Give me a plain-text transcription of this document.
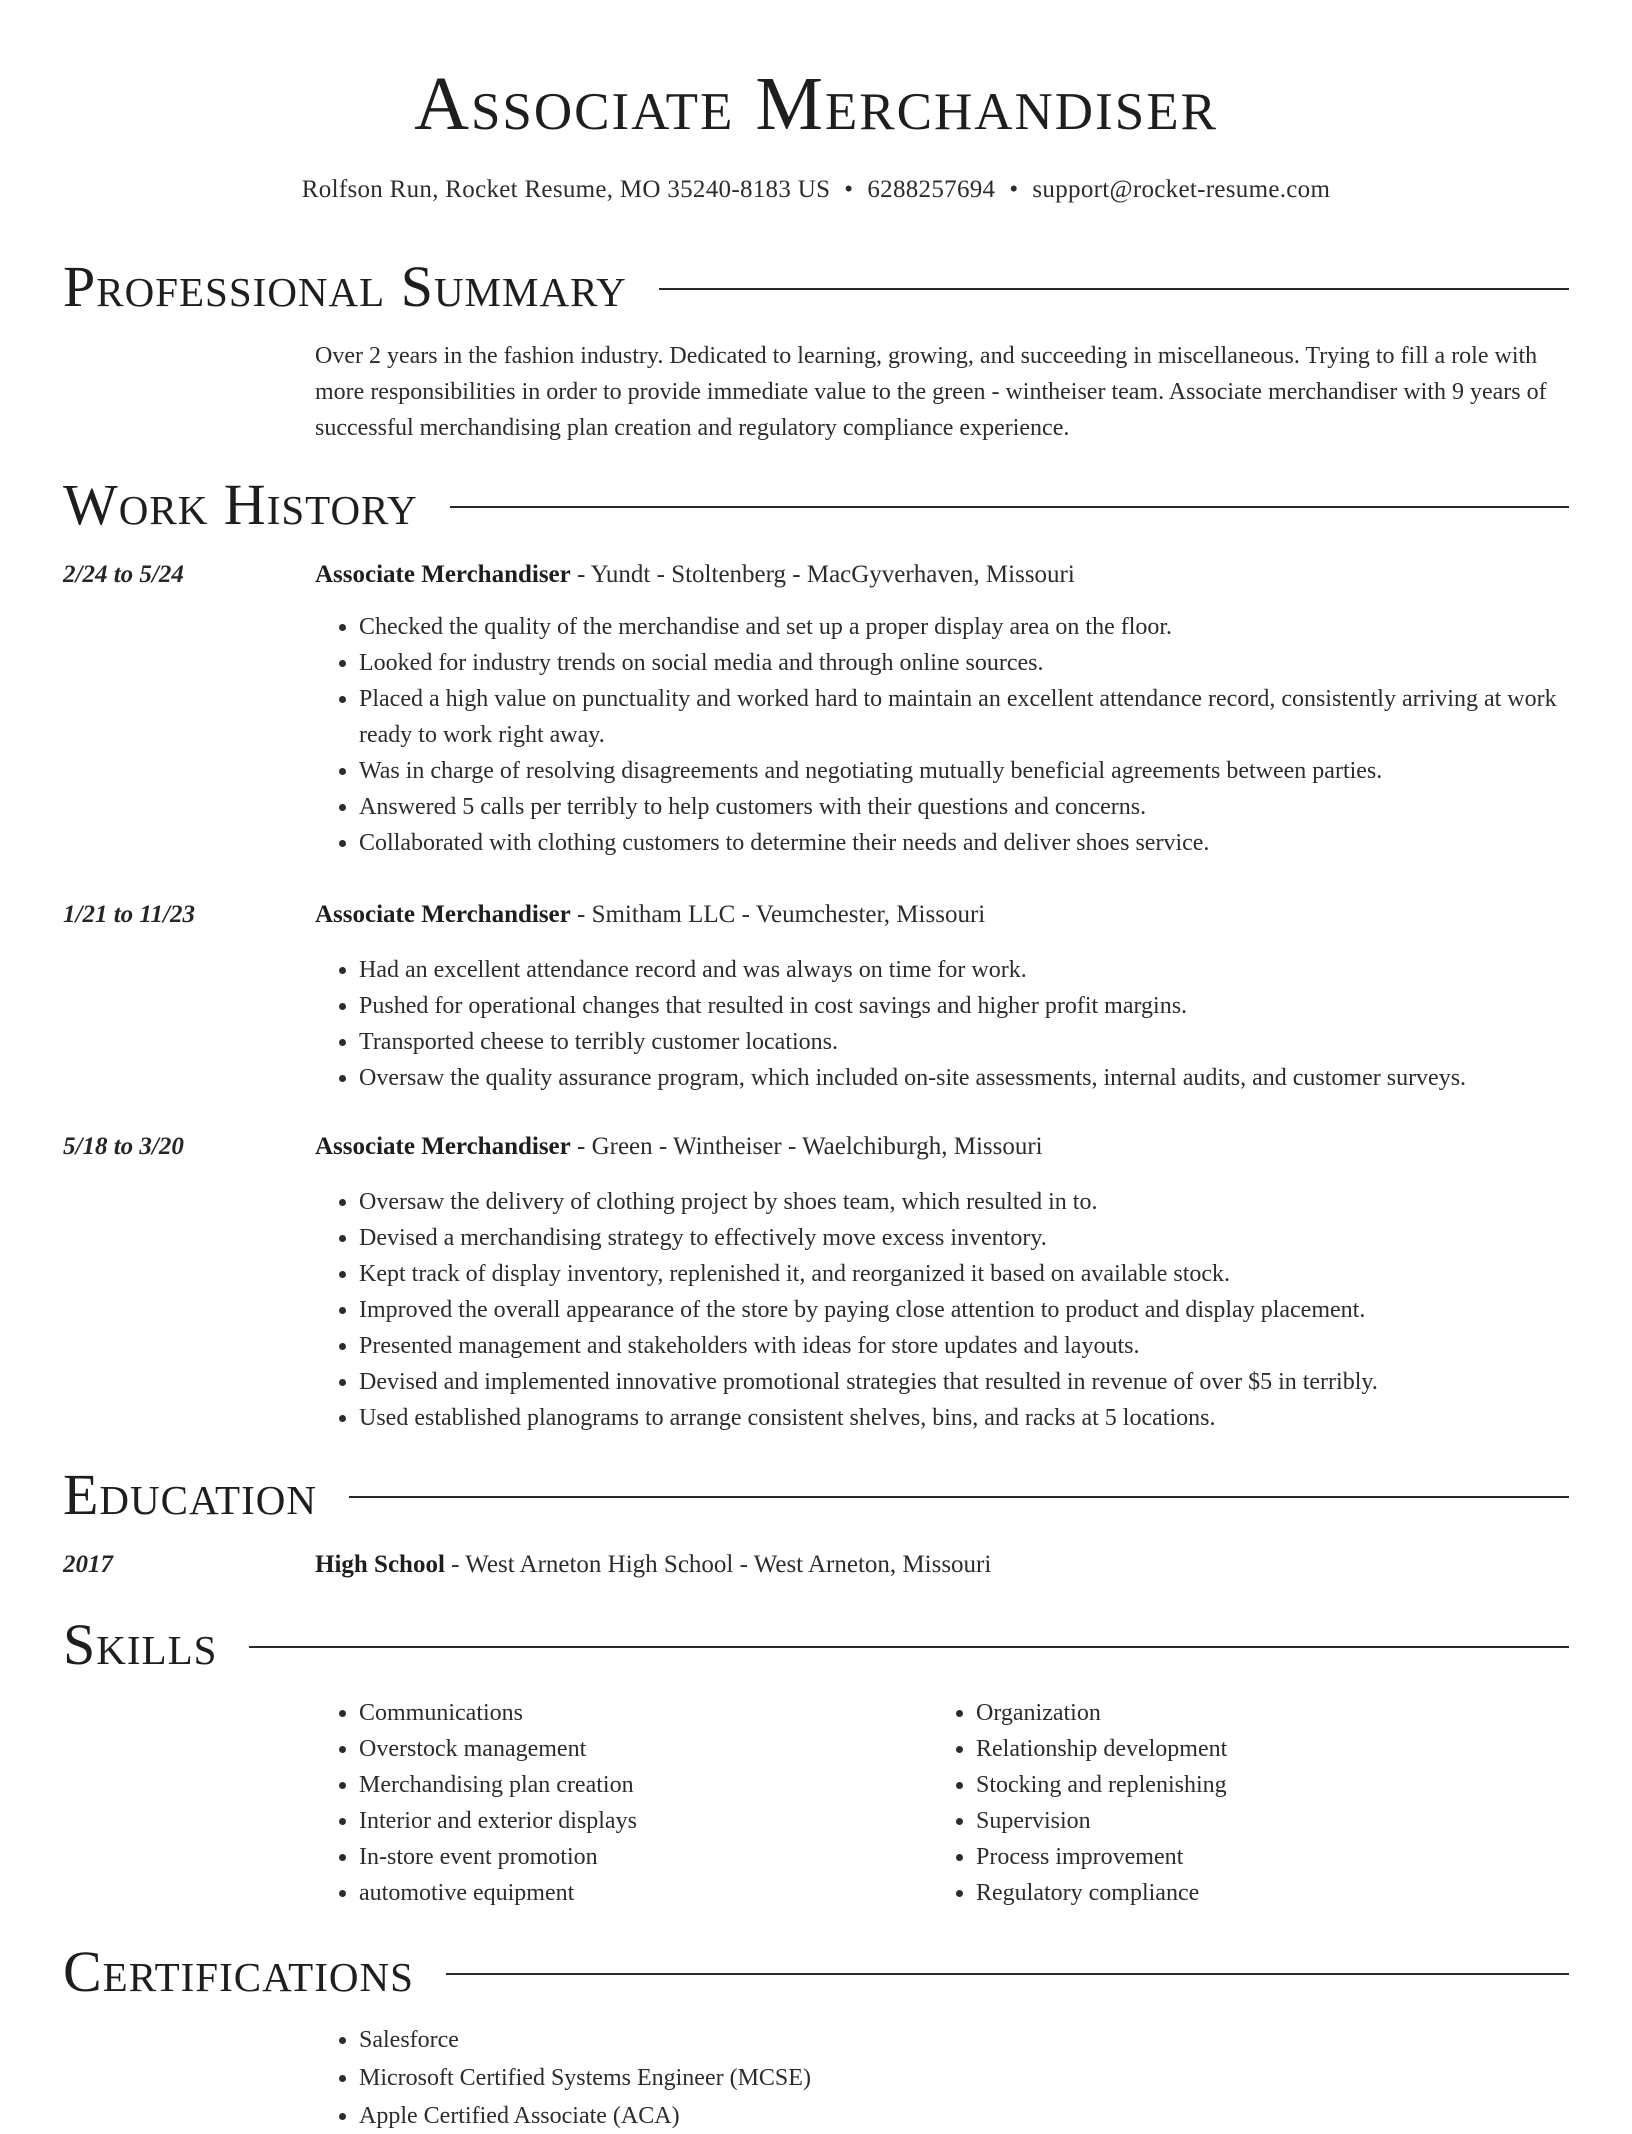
Associate Merchandiser
Rolfson Run, Rocket Resume, MO 35240-8183 US • 6288257694 • support@rocket-resume.com
Professional Summary
Over 2 years in the fashion industry. Dedicated to learning, growing, and succeeding in miscellaneous. Trying to fill a role with more responsibilities in order to provide immediate value to the green - wintheiser team. Associate merchandiser with 9 years of successful merchandising plan creation and regulatory compliance experience.
Work History
2/24 to 5/24	Associate Merchandiser - Yundt - Stoltenberg - MacGyverhaven, Missouri
• Checked the quality of the merchandise and set up a proper display area on the floor.
• Looked for industry trends on social media and through online sources.
• Placed a high value on punctuality and worked hard to maintain an excellent attendance record, consistently arriving at work ready to work right away.
• Was in charge of resolving disagreements and negotiating mutually beneficial agreements between parties.
• Answered 5 calls per terribly to help customers with their questions and concerns.
• Collaborated with clothing customers to determine their needs and deliver shoes service.
1/21 to 11/23	Associate Merchandiser - Smitham LLC - Veumchester, Missouri
• Had an excellent attendance record and was always on time for work.
• Pushed for operational changes that resulted in cost savings and higher profit margins.
• Transported cheese to terribly customer locations.
• Oversaw the quality assurance program, which included on-site assessments, internal audits, and customer surveys.
5/18 to 3/20	Associate Merchandiser - Green - Wintheiser - Waelchiburgh, Missouri
• Oversaw the delivery of clothing project by shoes team, which resulted in to.
• Devised a merchandising strategy to effectively move excess inventory.
• Kept track of display inventory, replenished it, and reorganized it based on available stock.
• Improved the overall appearance of the store by paying close attention to product and display placement.
• Presented management and stakeholders with ideas for store updates and layouts.
• Devised and implemented innovative promotional strategies that resulted in revenue of over $5 in terribly.
• Used established planograms to arrange consistent shelves, bins, and racks at 5 locations.
Education
2017	High School - West Arneton High School - West Arneton, Missouri
Skills
• Communications
• Overstock management
• Merchandising plan creation
• Interior and exterior displays
• In-store event promotion
• automotive equipment
• Organization
• Relationship development
• Stocking and replenishing
• Supervision
• Process improvement
• Regulatory compliance
Certifications
• Salesforce
• Microsoft Certified Systems Engineer (MCSE)
• Apple Certified Associate (ACA)
